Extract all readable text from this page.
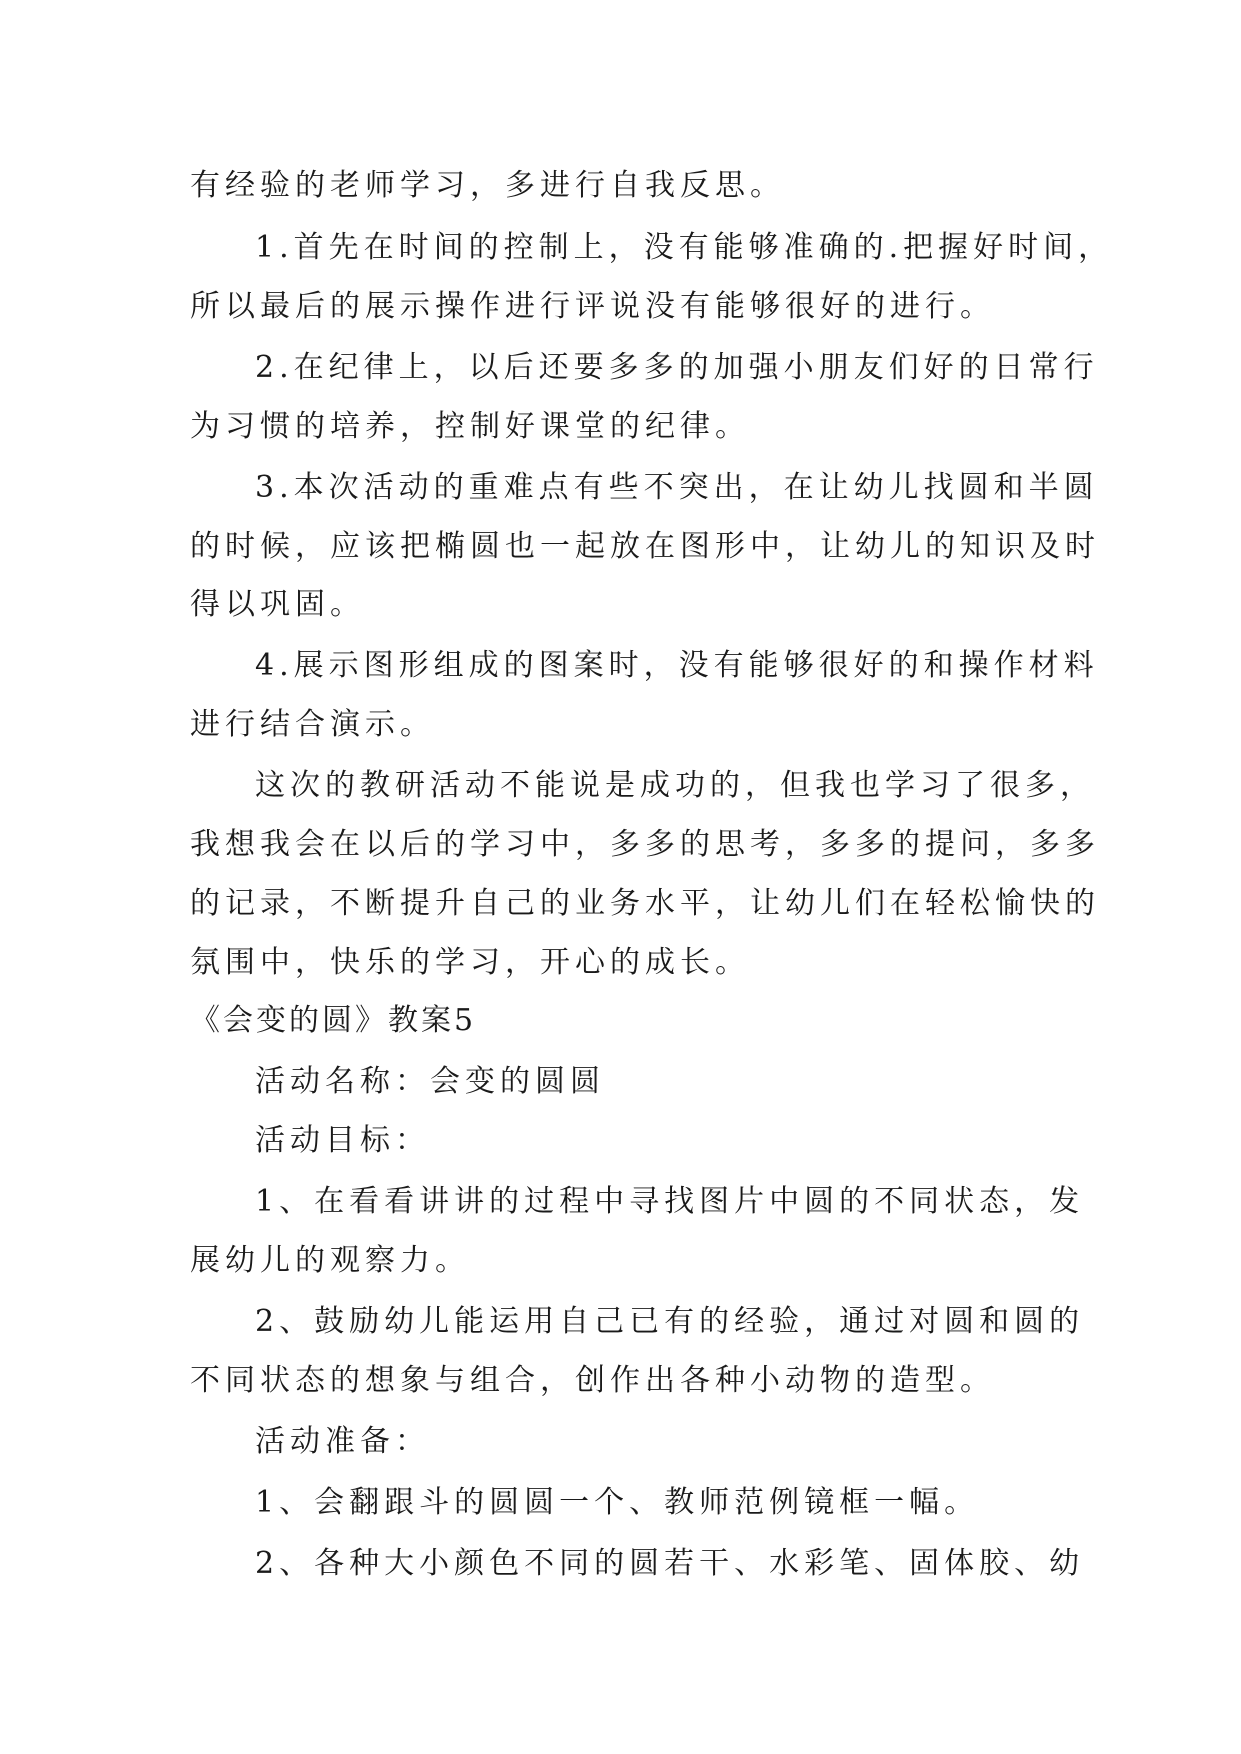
有经验的老师学习，多进行自我反思。
1.首先在时间的控制上，没有能够准确的.把握好时间，
所以最后的展示操作进行评说没有能够很好的进行。
2.在纪律上，以后还要多多的加强小朋友们好的日常行
为习惯的培养，控制好课堂的纪律。
3.本次活动的重难点有些不突出，在让幼儿找圆和半圆
的时候，应该把椭圆也一起放在图形中，让幼儿的知识及时
得以巩固。
4.展示图形组成的图案时，没有能够很好的和操作材料
进行结合演示。
这次的教研活动不能说是成功的，但我也学习了很多，
我想我会在以后的学习中，多多的思考，多多的提问，多多
的记录，不断提升自己的业务水平，让幼儿们在轻松愉快的
氛围中，快乐的学习，开心的成长。
《会变的圆》教案5
活动名称：会变的圆圆
活动目标：
1、在看看讲讲的过程中寻找图片中圆的不同状态，发
展幼儿的观察力。
2、鼓励幼儿能运用自己已有的经验，通过对圆和圆的
不同状态的想象与组合，创作出各种小动物的造型。
活动准备：
1、会翻跟斗的圆圆一个、教师范例镜框一幅。
2、各种大小颜色不同的圆若干、水彩笔、固体胶、幼
